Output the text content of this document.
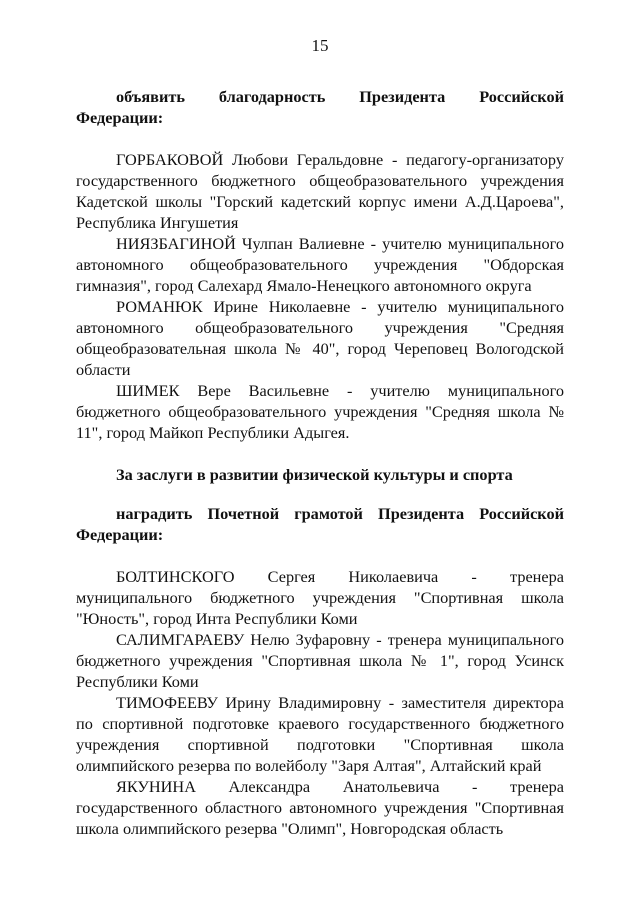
15

объявить благодарность Президента Российской Федерации:

ГОРБАКОВОЙ Любови Геральдовне - педагогу-организатору государственного бюджетного общеобразовательного учреждения Кадетской школы "Горский кадетский корпус имени А.Д.Цароева", Республика Ингушетия

НИЯЗБАГИНОЙ Чулпан Валиевне - учителю муниципального автономного общеобразовательного учреждения "Обдорская гимназия", город Салехард Ямало-Ненецкого автономного округа

РОМАНЮК Ирине Николаевне - учителю муниципального автономного общеобразовательного учреждения "Средняя общеобразовательная школа № 40", город Череповец Вологодской области

ШИМЕК Вере Васильевне - учителю муниципального бюджетного общеобразовательного учреждения "Средняя школа № 11", город Майкоп Республики Адыгея.

За заслуги в развитии физической культуры и спорта

наградить Почетной грамотой Президента Российской Федерации:

БОЛТИНСКОГО Сергея Николаевича - тренера муниципального бюджетного учреждения "Спортивная школа "Юность", город Инта Республики Коми

САЛИМГАРАЕВУ Нелю Зуфаровну - тренера муниципального бюджетного учреждения "Спортивная школа № 1", город Усинск Республики Коми

ТИМОФЕЕВУ Ирину Владимировну - заместителя директора по спортивной подготовке краевого государственного бюджетного учреждения спортивной подготовки "Спортивная школа олимпийского резерва по волейболу "Заря Алтая", Алтайский край

ЯКУНИНА Александра Анатольевича - тренера государственного областного автономного учреждения "Спортивная школа олимпийского резерва "Олимп", Новгородская область
